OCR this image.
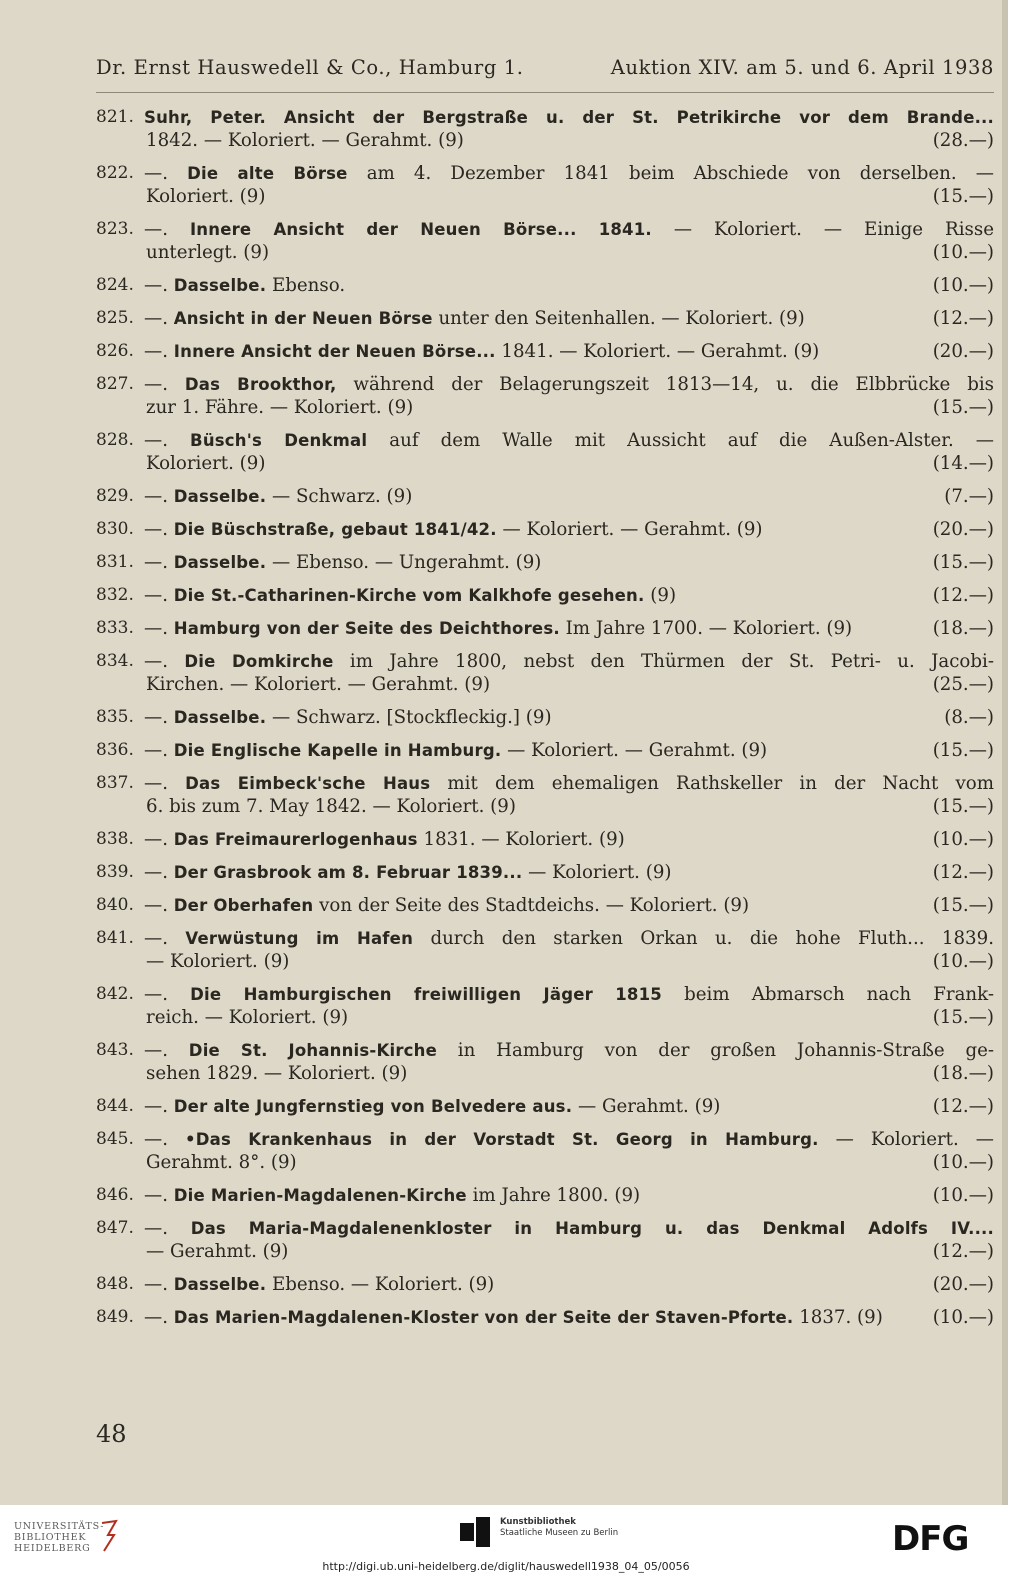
Dr. Ernst Hauswedell & Co., Hamburg 1.	Auktion XIV. am 5. und 6. April 1938
821. Suhr, Peter. Ansicht der Bergstraße u. der St. Petrikirche vor dem Brande...
1842. — Koloriert. — Gerahmt. (9)	(28.—)
822. —. Die alte Börse am 4. Dezember 1841 beim Abschiede von derselben. —
Koloriert. (9)	(15.—)
823. —. Innere Ansicht der Neuen Börse... 1841. — Koloriert. — Einige Risse
unterlegt. (9)	(10.—)
824. —. Dasselbe. Ebenso.
	(10.—)
825. —. Ansicht in der Neuen Börse unter den Seitenhallen. — Koloriert. (9)
	(12.—)
826. —. Innere Ansicht der Neuen Börse... 1841. — Koloriert. — Gerahmt. (9)
	(20.—)
827. —. Das Brookthor, während der Belagerungszeit 1813—14, u. die Elbbrücke bis
zur 1. Fähre. — Koloriert. (9)	(15.—)
828. —. Büsch's Denkmal auf dem Walle mit Aussicht auf die Außen-Alster. —
Koloriert. (9)	(14.—)
829. —. Dasselbe. — Schwarz. (9)
	(7.—)
830. —. Die Büschstraße, gebaut 1841/42. — Koloriert. — Gerahmt. (9)
	(20.—)
831. —. Dasselbe. — Ebenso. — Ungerahmt. (9)
	(15.—)
832. —. Die St.-Catharinen-Kirche vom Kalkhofe gesehen. (9)
	(12.—)
833. —. Hamburg von der Seite des Deichthores. Im Jahre 1700. — Koloriert. (9)
	(18.—)
834. —. Die Domkirche im Jahre 1800, nebst den Thürmen der St. Petri- u. Jacobi-
Kirchen. — Koloriert. — Gerahmt. (9)	(25.—)
835. —. Dasselbe. — Schwarz. [Stockfleckig.] (9)
	(8.—)
836. —. Die Englische Kapelle in Hamburg. — Koloriert. — Gerahmt. (9)
	(15.—)
837. —. Das Eimbeck'sche Haus mit dem ehemaligen Rathskeller in der Nacht vom
6. bis zum 7. May 1842. — Koloriert. (9)	(15.—)
838. —. Das Freimaurerlogenhaus 1831. — Koloriert. (9)
	(10.—)
839. —. Der Grasbrook am 8. Februar 1839... — Koloriert. (9)
	(12.—)
840. —. Der Oberhafen von der Seite des Stadtdeichs. — Koloriert. (9)
	(15.—)
841. —. Verwüstung im Hafen durch den starken Orkan u. die hohe Fluth... 1839.
— Koloriert. (9)	(10.—)
842. —. Die Hamburgischen freiwilligen Jäger 1815 beim Abmarsch nach Frank-
reich. — Koloriert. (9)	(15.—)
843. —. Die St. Johannis-Kirche in Hamburg von der großen Johannis-Straße ge-
sehen 1829. — Koloriert. (9)	(18.—)
844. —. Der alte Jungfernstieg von Belvedere aus. — Gerahmt. (9)
	(12.—)
845. —. •Das Krankenhaus in der Vorstadt St. Georg in Hamburg. — Koloriert. —
Gerahmt. 8°. (9)	(10.—)
846. —. Die Marien-Magdalenen-Kirche im Jahre 1800. (9)
	(10.—)
847. —. Das Maria-Magdalenenkloster in Hamburg u. das Denkmal Adolfs IV....
— Gerahmt. (9)	(12.—)
848. —. Dasselbe. Ebenso. — Koloriert. (9)
	(20.—)
849. —. Das Marien-Magdalenen-Kloster von der Seite der Staven-Pforte. 1837. (9)
	(10.—)
48
UNIVERSITÄTS-
BIBLIOTHEK
HEIDELBERG
Kunstbibliothek
Staatliche Museen zu Berlin	DFG
http://digi.ub.uni-heidelberg.de/diglit/hauswedell1938_04_05/0056
